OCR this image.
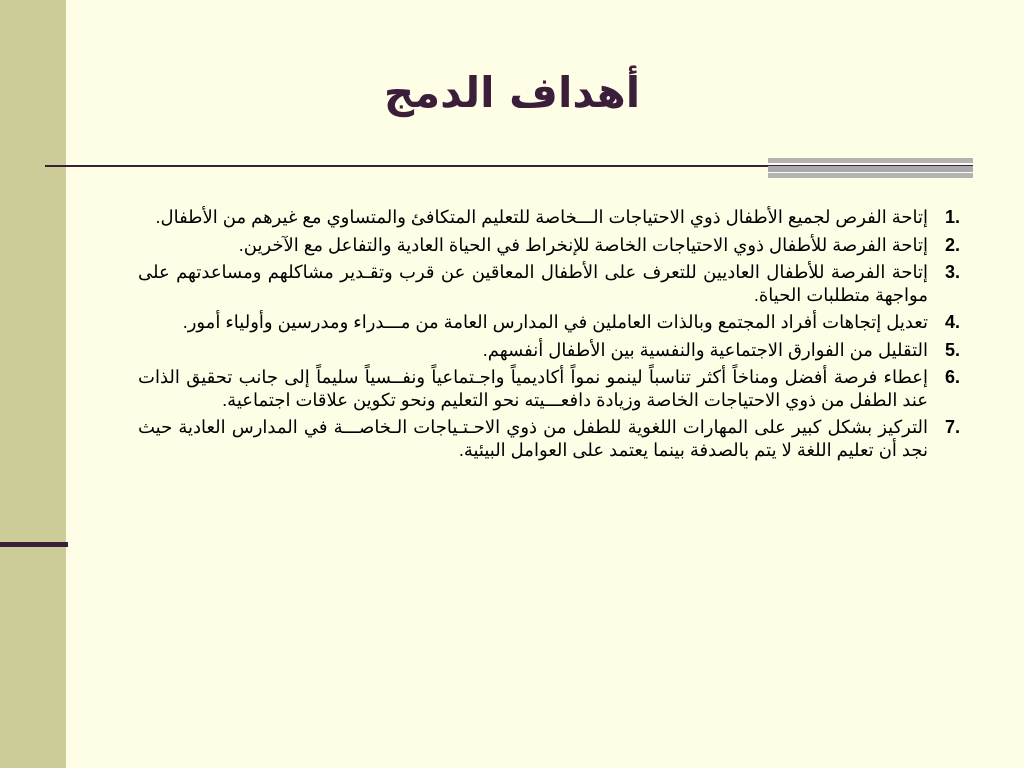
أهداف الدمج
1.
إتاحة الفرص لجميع الأطفال ذوي الاحتياجات الـــخاصة للتعليم المتكافئ والمتساوي مع غيرهم من الأطفال.
2.
إتاحة الفرصة للأطفال ذوي الاحتياجات الخاصة للإنخراط في الحياة العادية والتفاعل مع الآخرين.
3.
إتاحة الفرصة للأطفال العاديين للتعرف على الأطفال المعاقين عن قرب وتقـدير مشاكلهم ومساعدتهم على مواجهة متطلبات الحياة.
4.
تعديل إتجاهات أفراد المجتمع وبالذات العاملين في المدارس العامة من مـــدراء ومدرسين وأولياء أمور.
5.
التقليل من الفوارق الاجتماعية والنفسية بين الأطفال أنفسهم.
6.
إعطاء فرصة أفضل ومناخاً أكثر تناسباً لينمو نمواً أكاديمياً واجـتماعياً ونفــسياً سليماً إلى جانب تحقيق الذات عند الطفل من ذوي الاحتياجات الخاصة وزيادة دافعـــيته نحو التعليم ونحو تكوين علاقات اجتماعية.
7.
التركيز بشكل كبير على المهارات اللغوية للطفل من ذوي الاحـتـياجات الـخاصـــة في المدارس العادية حيث نجد أن تعليم اللغة لا يتم بالصدفة بينما يعتمد على العوامل البيئية.
